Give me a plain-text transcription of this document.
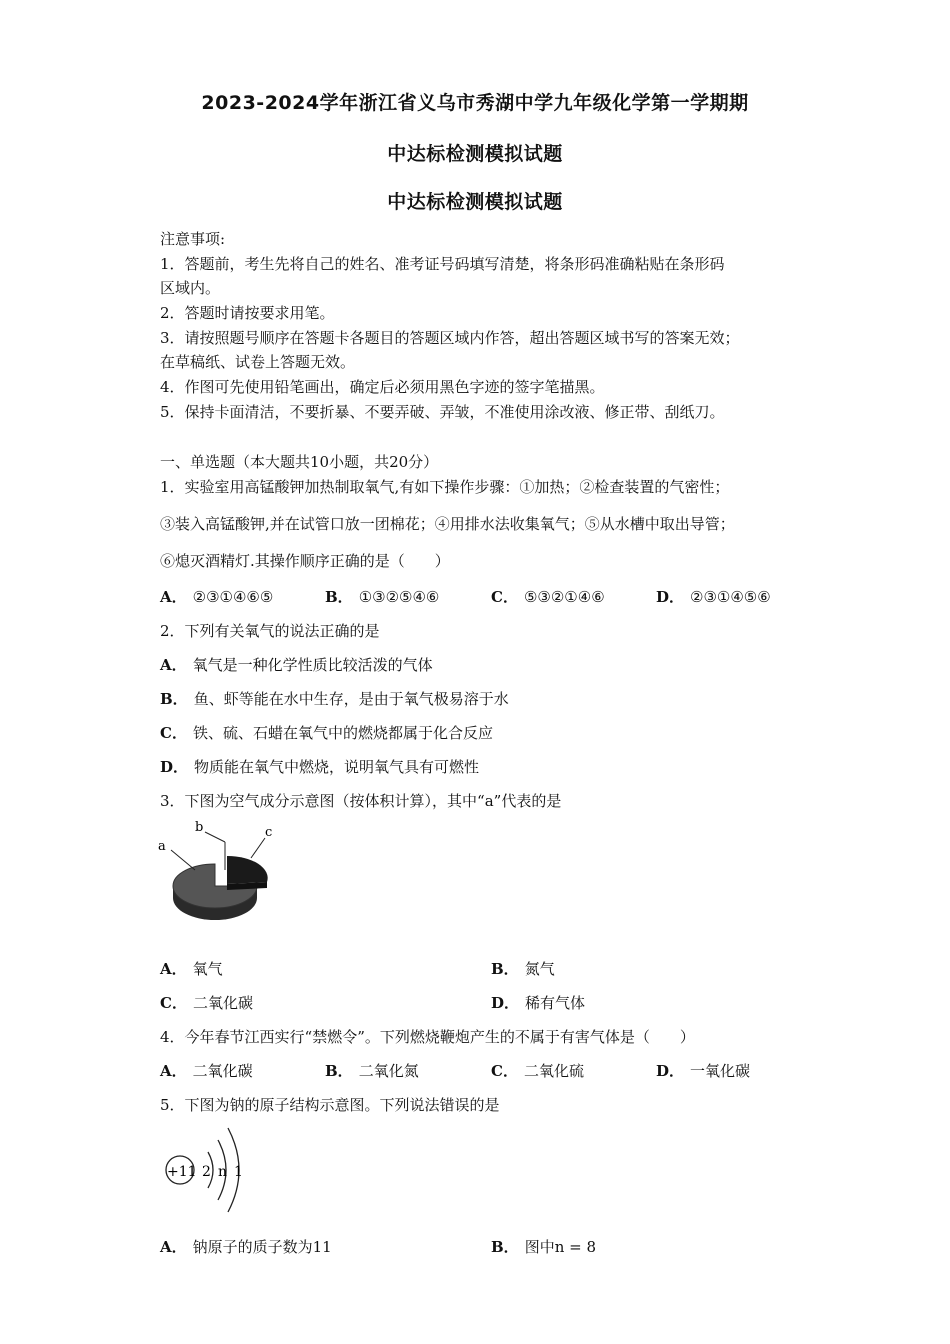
2023-2024学年浙江省义乌市秀湖中学九年级化学第一学期期
中达标检测模拟试题
中达标检测模拟试题
注意事项:
1．答题前，考生先将自己的姓名、准考证号码填写清楚，将条形码准确粘贴在条形码
区域内。
2．答题时请按要求用笔。
3．请按照题号顺序在答题卡各题目的答题区域内作答，超出答题区域书写的答案无效；
在草稿纸、试卷上答题无效。
4．作图可先使用铅笔画出，确定后必须用黑色字迹的签字笔描黑。
5．保持卡面清洁，不要折暴、不要弄破、弄皱，不准使用涂改液、修正带、刮纸刀。
一、单选题（本大题共10小题，共20分）
1．实验室用高锰酸钾加热制取氧气,有如下操作步骤：①加热；②检查装置的气密性；
③装入高锰酸钾,并在试管口放一团棉花；④用排水法收集氧气；⑤从水槽中取出导管；
⑥熄灭酒精灯.其操作顺序正确的是（　　）
A． ②③①④⑥⑤	B． ①③②⑤④⑥	C． ⑤③②①④⑥	D． ②③①④⑤⑥
2．下列有关氧气的说法正确的是
A． 氧气是一种化学性质比较活泼的气体
B． 鱼、虾等能在水中生存，是由于氧气极易溶于水
C． 铁、硫、石蜡在氧气中的燃烧都属于化合反应
D． 物质能在氧气中燃烧，说明氧气具有可燃性
3．下图为空气成分示意图（按体积计算），其中“a”代表的是
a
b	c
A． 氧气	B． 氮气
C． 二氧化碳	D． 稀有气体
4．今年春节江西实行“禁燃令”。下列燃烧鞭炮产生的不属于有害气体是（　　）
A． 二氧化碳	B． 二氧化氮	C． 二氧化硫	D． 一氧化碳
5．下图为钠的原子结构示意图。下列说法错误的是
+11 2 n 1
A． 钠原子的质子数为11	B． 图中n = 8
